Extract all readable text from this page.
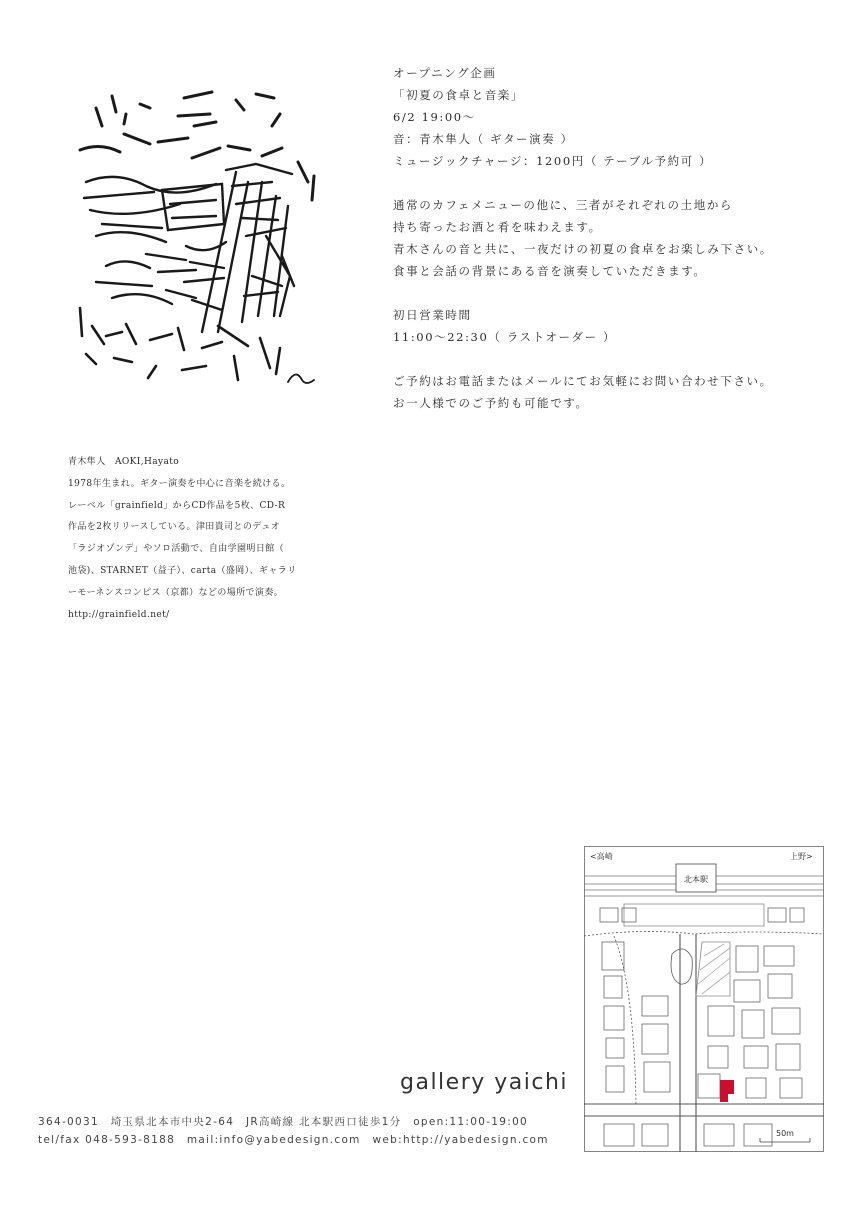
オープニング企画
「初夏の食卓と音楽」
6/2 19:00〜
音：青木隼人（ ギター演奏 ）
ミュージックチャージ：1200円（ テーブル予約可 ）
通常のカフェメニューの他に、三者がそれぞれの土地から
持ち寄ったお酒と肴を味わえます。
青木さんの音と共に、一夜だけの初夏の食卓をお楽しみ下さい。
食事と会話の背景にある音を演奏していただきます。
初日営業時間
11:00〜22:30（ ラストオーダー ）
ご予約はお電話またはメールにてお気軽にお問い合わせ下さい。
お一人様でのご予約も可能です。
青木隼人　AOKI,Hayato
1978年生まれ。ギター演奏を中心に音楽を続ける。
レーベル「grainfield」からCD作品を5枚、CD-R
作品を2枚リリースしている。津田貴司とのデュオ
「ラジオゾンデ」やソロ活動で、自由学園明日館（
池袋)、STARNET（益子）、carta（盛岡）、ギャラリ
ーモーネンスコンピス（京都）などの場所で演奏。
http://grainfield.net/
gallery yaichi
364-0031　埼玉県北本市中央2-64　JR高崎線 北本駅西口徒歩1分　open:11:00-19:00
tel/fax 048-593-8188　mail:info@yabedesign.com　web:http://yabedesign.com
<高崎	上野>
北本駅
50m
